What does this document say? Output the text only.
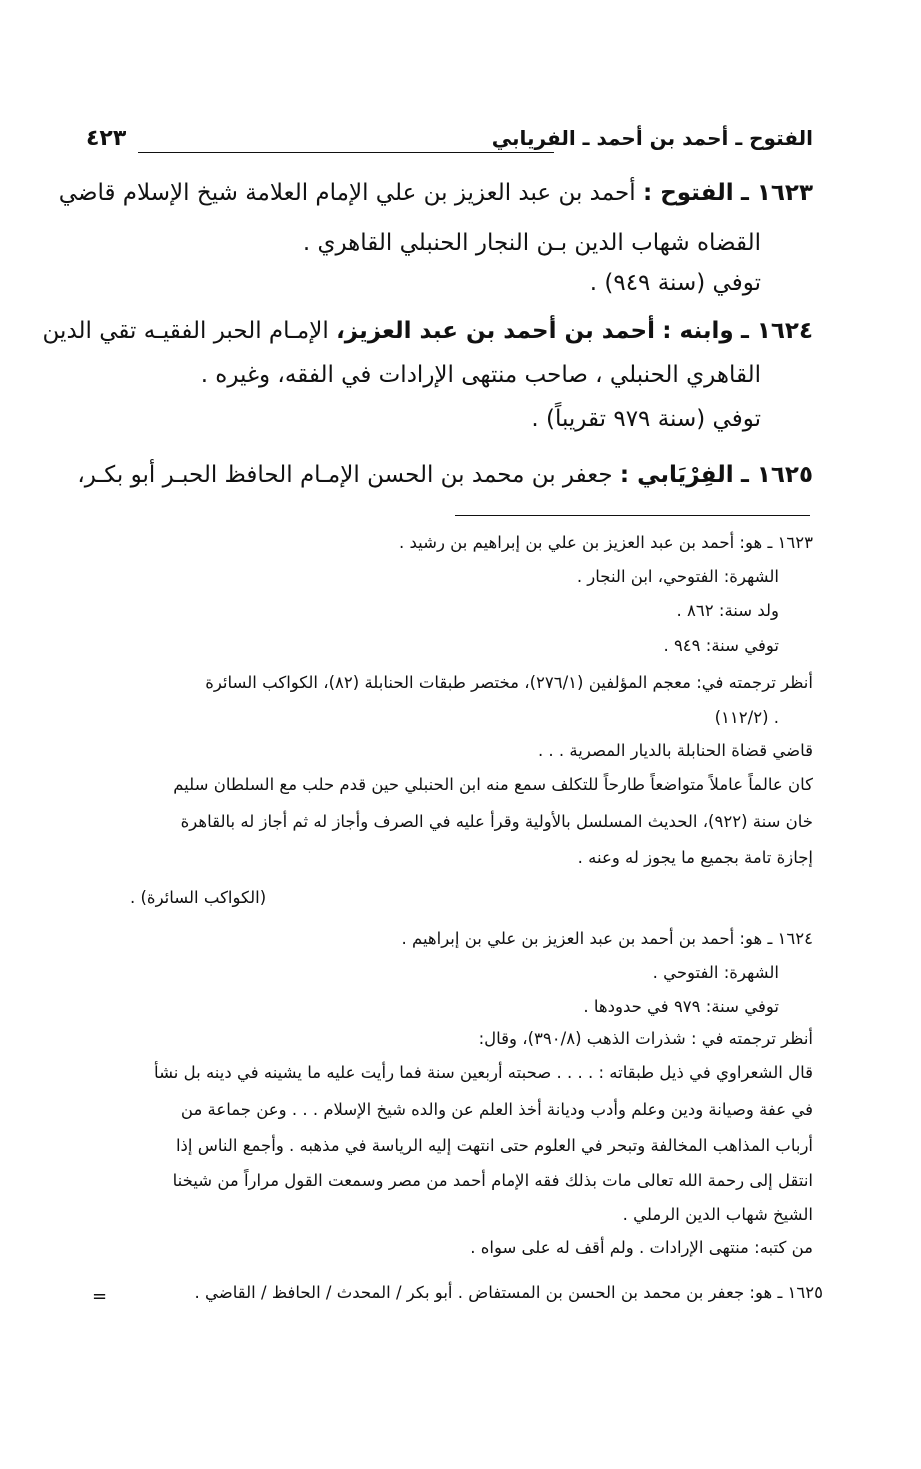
الفتوح ـ أحمد بن أحمد ـ الفريابي
٤٢٣
١٦٢٣ ـ الفتوح : أحمد بن عبد العزيز بن علي الإمام العلامة شيخ الإسلام قاضي
القضاه شهاب الدين بـن النجار الحنبلي القاهري .
توفي (سنة ٩٤٩) .
١٦٢٤ ـ وابنه : أحمد بن أحمد بن عبد العزيز، الإمـام الحبر الفقيـه تقي الدين
القاهري الحنبلي ، صاحب منتهى الإرادات في الفقه، وغيره .
توفي (سنة ٩٧٩ تقريباً) .
١٦٢٥ ـ الفِرْيَابي : جعفر بن محمد بن الحسن الإمـام الحافظ الحبـر أبو بكـر،
١٦٢٣ ـ هو: أحمد بن عبد العزيز بن علي بن إبراهيم بن رشيد .
الشهرة: الفتوحي، ابن النجار .
ولد سنة: ٨٦٢ .
توفي سنة: ٩٤٩ .
أنظر ترجمته في: معجم المؤلفين (٢٧٦/١)، مختصر طبقات الحنابلة (٨٢)، الكواكب السائرة
(١١٢/٢) .
قاضي قضاة الحنابلة بالديار المصرية . . .
كان عالماً عاملاً متواضعاً طارحاً للتكلف سمع منه ابن الحنبلي حين قدم حلب مع السلطان سليم
خان سنة (٩٢٢)، الحديث المسلسل بالأولية وقرأ عليه في الصرف وأجاز له ثم أجاز له بالقاهرة
إجازة تامة بجميع ما يجوز له وعنه .
(الكواكب السائرة) .
١٦٢٤ ـ هو: أحمد بن أحمد بن عبد العزيز بن علي بن إبراهيم .
الشهرة: الفتوحي .
توفي سنة: ٩٧٩ في حدودها .
أنظر ترجمته في : شذرات الذهب (٣٩٠/٨)، وقال:
قال الشعراوي في ذيل طبقاته : . . . . صحبته أربعين سنة فما رأيت عليه ما يشينه في دينه بل نشأ
في عفة وصيانة ودين وعلم وأدب وديانة أخذ العلم عن والده شيخ الإسلام . . . وعن جماعة من
أرباب المذاهب المخالفة وتبحر في العلوم حتى انتهت إليه الرياسة في مذهبه . وأجمع الناس إذا
انتقل إلى رحمة الله تعالى مات بذلك فقه الإمام أحمد من مصر وسمعت القول مراراً من شيخنا
الشيخ شهاب الدين الرملي .
من كتبه: منتهى الإرادات . ولم أقف له على سواه .
١٦٢٥ ـ هو: جعفر بن محمد بن الحسن بن المستفاض . أبو بكر / المحدث / الحافظ / القاضي .
=
